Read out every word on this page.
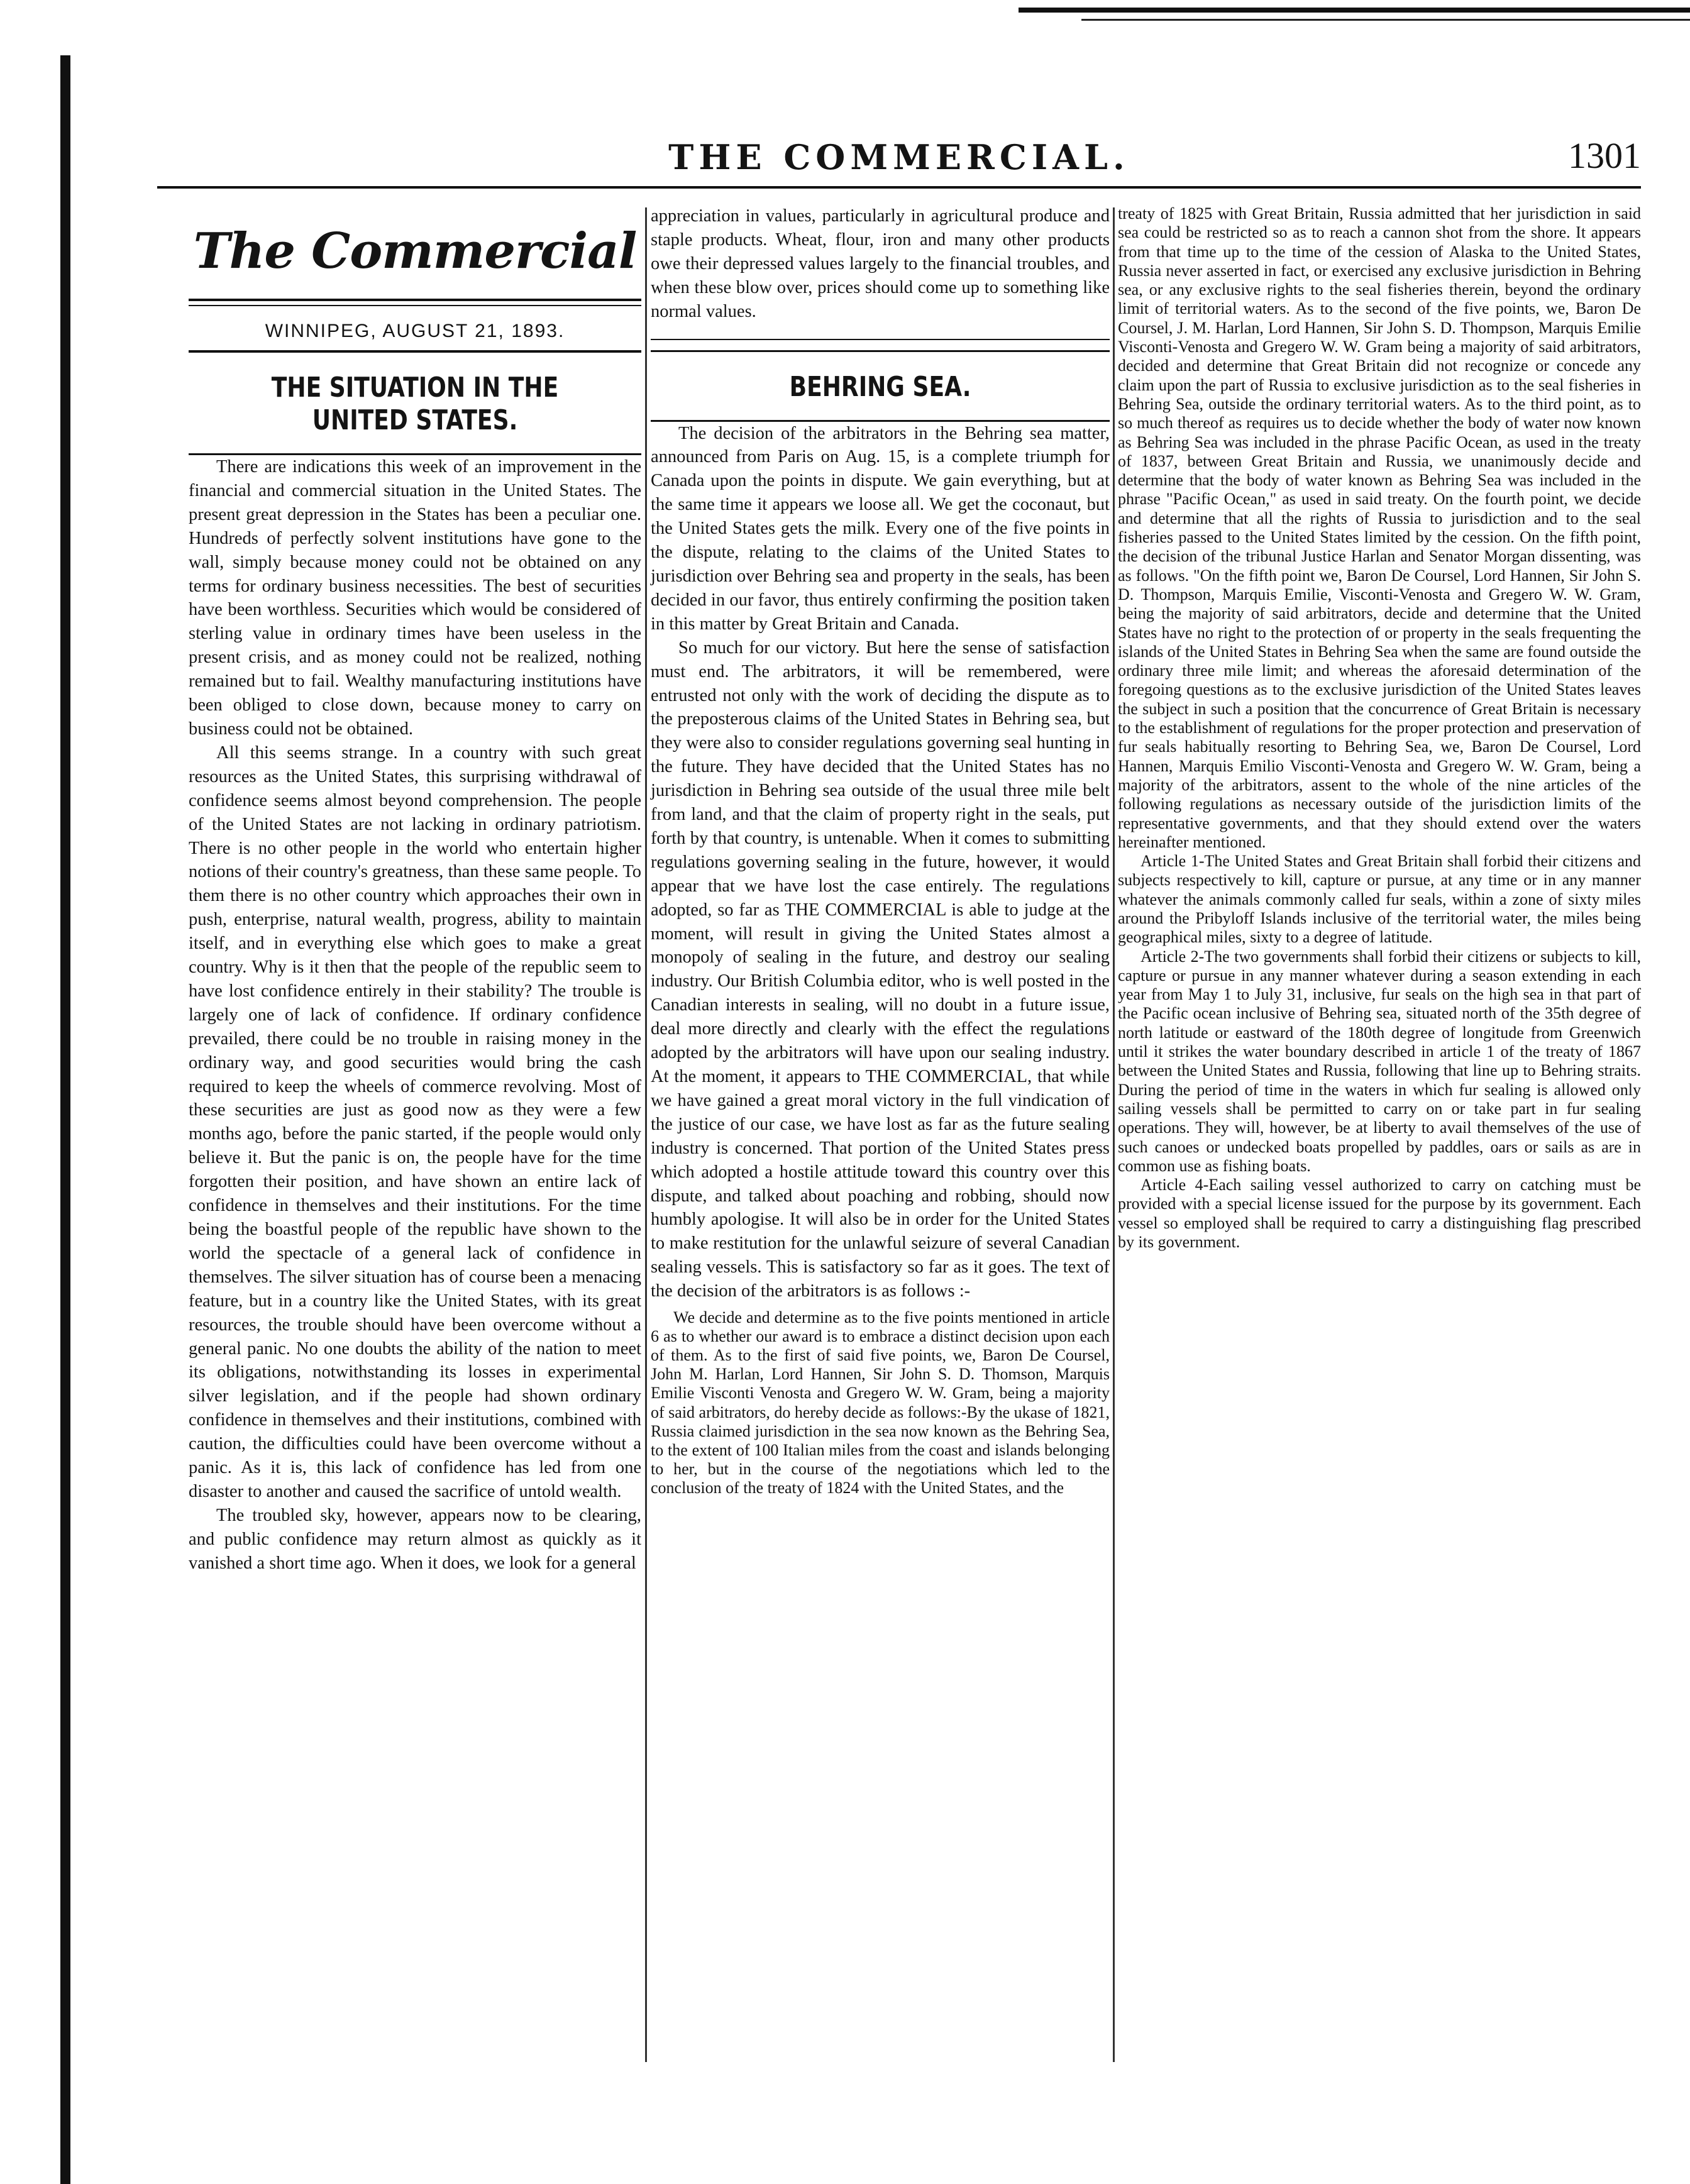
THE COMMERCIAL.	1301
The Commercial
WINNIPEG, AUGUST 21, 1893.
THE SITUATION IN THE UNITED STATES.

There are indications this week of an improvement in the financial and commercial situation in the United States. The present great depression in the States has been a peculiar one. Hundreds of perfectly solvent institutions have gone to the wall, simply because money could not be obtained on any terms for ordinary business necessities. The best of securities have been worthless. Securities which would be considered of sterling value in ordinary times have been useless in the present crisis, and as money could not be realized, nothing remained but to fail. Wealthy manufacturing institutions have been obliged to close down, because money to carry on business could not be obtained.

All this seems strange. In a country with such great resources as the United States, this surprising withdrawal of confidence seems almost beyond comprehension. The people of the United States are not lacking in ordinary patriotism. There is no other people in the world who entertain higher notions of their country's greatness, than these same people. To them there is no other country which approaches their own in push, enterprise, natural wealth, progress, ability to maintain itself, and in everything else which goes to make a great country. Why is it then that the people of the republic seem to have lost confidence entirely in their stability? The trouble is largely one of lack of confidence. If ordinary confidence prevailed, there could be no trouble in raising money in the ordinary way, and good securities would bring the cash required to keep the wheels of commerce revolving. Most of these securities are just as good now as they were a few months ago, before the panic started, if the people would only believe it. But the panic is on, the people have for the time forgotten their position, and have shown an entire lack of confidence in themselves and their institutions. For the time being the boastful people of the republic have shown to the world the spectacle of a general lack of confidence in themselves. The silver situation has of course been a menacing feature, but in a country like the United States, with its great resources, the trouble should have been overcome without a general panic. No one doubts the ability of the nation to meet its obligations, notwithstanding its losses in experimental silver legislation, and if the people had shown ordinary confidence in themselves and their institutions, combined with caution, the difficulties could have been overcome without a panic. As it is, this lack of confidence has led from one disaster to another and caused the sacrifice of untold wealth.

The troubled sky, however, appears now to be clearing, and public confidence may return almost as quickly as it vanished a short time ago. When it does, we look for a general

appreciation in values, particularly in agricultural produce and staple products. Wheat, flour, iron and many other products owe their depressed values largely to the financial troubles, and when these blow over, prices should come up to something like normal values.

BEHRING SEA.

The decision of the arbitrators in the Behring sea matter, announced from Paris on Aug. 15, is a complete triumph for Canada upon the points in dispute. We gain everything, but at the same time it appears we loose all. We get the coconaut, but the United States gets the milk. Every one of the five points in the dispute, relating to the claims of the United States to jurisdiction over Behring sea and property in the seals, has been decided in our favor, thus entirely confirming the position taken in this matter by Great Britain and Canada.

So much for our victory. But here the sense of satisfaction must end. The arbitrators, it will be remembered, were entrusted not only with the work of deciding the dispute as to the preposterous claims of the United States in Behring sea, but they were also to consider regulations governing seal hunting in the future. They have decided that the United States has no jurisdiction in Behring sea outside of the usual three mile belt from land, and that the claim of property right in the seals, put forth by that country, is untenable. When it comes to submitting regulations governing sealing in the future, however, it would appear that we have lost the case entirely. The regulations adopted, so far as THE COMMERCIAL is able to judge at the moment, will result in giving the United States almost a monopoly of sealing in the future, and destroy our sealing industry. Our British Columbia editor, who is well posted in the Canadian interests in sealing, will no doubt in a future issue, deal more directly and clearly with the effect the regulations adopted by the arbitrators will have upon our sealing industry. At the moment, it appears to THE COMMERCIAL, that while we have gained a great moral victory in the full vindication of the justice of our case, we have lost as far as the future sealing industry is concerned. That portion of the United States press which adopted a hostile attitude toward this country over this dispute, and talked about poaching and robbing, should now humbly apologise. It will also be in order for the United States to make restitution for the unlawful seizure of several Canadian sealing vessels. This is satisfactory so far as it goes. The text of the decision of the arbitrators is as follows :-

We decide and determine as to the five points mentioned in article 6 as to whether our award is to embrace a distinct decision upon each of them. As to the first of said five points, we, Baron De Coursel, John M. Harlan, Lord Hannen, Sir John S. D. Thomson, Marquis Emilie Visconti Venosta and Gregero W. W. Gram, being a majority of said arbitrators, do hereby decide as follows:-By the ukase of 1821, Russia claimed jurisdiction in the sea now known as the Behring Sea, to the extent of 100 Italian miles from the coast and islands belonging to her, but in the course of the negotiations which led to the conclusion of the treaty of 1824 with the United States, and the

treaty of 1825 with Great Britain, Russia admitted that her jurisdiction in said sea could be restricted so as to reach a cannon shot from the shore. It appears from that time up to the time of the cession of Alaska to the United States, Russia never asserted in fact, or exercised any exclusive jurisdiction in Behring sea, or any exclusive rights to the seal fisheries therein, beyond the ordinary limit of territorial waters. As to the second of the five points, we, Baron De Coursel, J. M. Harlan, Lord Hannen, Sir John S. D. Thompson, Marquis Emilie Visconti-Venosta and Gregero W. W. Gram being a majority of said arbitrators, decided and determine that Great Britain did not recognize or concede any claim upon the part of Russia to exclusive jurisdiction as to the seal fisheries in Behring Sea, outside the ordinary territorial waters. As to the third point, as to so much thereof as requires us to decide whether the body of water now known as Behring Sea was included in the phrase Pacific Ocean, as used in the treaty of 1837, between Great Britain and Russia, we unanimously decide and determine that the body of water known as Behring Sea was included in the phrase "Pacific Ocean," as used in said treaty. On the fourth point, we decide and determine that all the rights of Russia to jurisdiction and to the seal fisheries passed to the United States limited by the cession. On the fifth point, the decision of the tribunal Justice Harlan and Senator Morgan dissenting, was as follows. "On the fifth point we, Baron De Coursel, Lord Hannen, Sir John S. D. Thompson, Marquis Emilie, Visconti-Venosta and Gregero W. W. Gram, being the majority of said arbitrators, decide and determine that the United States have no right to the protection of or property in the seals frequenting the islands of the United States in Behring Sea when the same are found outside the ordinary three mile limit; and whereas the aforesaid determination of the foregoing questions as to the exclusive jurisdiction of the United States leaves the subject in such a position that the concurrence of Great Britain is necessary to the establishment of regulations for the proper protection and preservation of fur seals habitually resorting to Behring Sea, we, Baron De Coursel, Lord Hannen, Marquis Emilio Visconti-Venosta and Gregero W. W. Gram, being a majority of the arbitrators, assent to the whole of the nine articles of the following regulations as necessary outside of the jurisdiction limits of the representative governments, and that they should extend over the waters hereinafter mentioned.

Article 1-The United States and Great Britain shall forbid their citizens and subjects respectively to kill, capture or pursue, at any time or in any manner whatever the animals commonly called fur seals, within a zone of sixty miles around the Pribyloff Islands inclusive of the territorial water, the miles being geographical miles, sixty to a degree of latitude.

Article 2-The two governments shall forbid their citizens or subjects to kill, capture or pursue in any manner whatever during a season extending in each year from May 1 to July 31, inclusive, fur seals on the high sea in that part of the Pacific ocean inclusive of Behring sea, situated north of the 35th degree of north latitude or eastward of the 180th degree of longitude from Greenwich until it strikes the water boundary described in article 1 of the treaty of 1867 between the United States and Russia, following that line up to Behring straits. During the period of time in the waters in which fur sealing is allowed only sailing vessels shall be permitted to carry on or take part in fur sealing operations. They will, however, be at liberty to avail themselves of the use of such canoes or undecked boats propelled by paddles, oars or sails as are in common use as fishing boats.

Article 4-Each sailing vessel authorized to carry on catching must be provided with a special license issued for the purpose by its government. Each vessel so employed shall be required to carry a distinguishing flag prescribed by its government.
